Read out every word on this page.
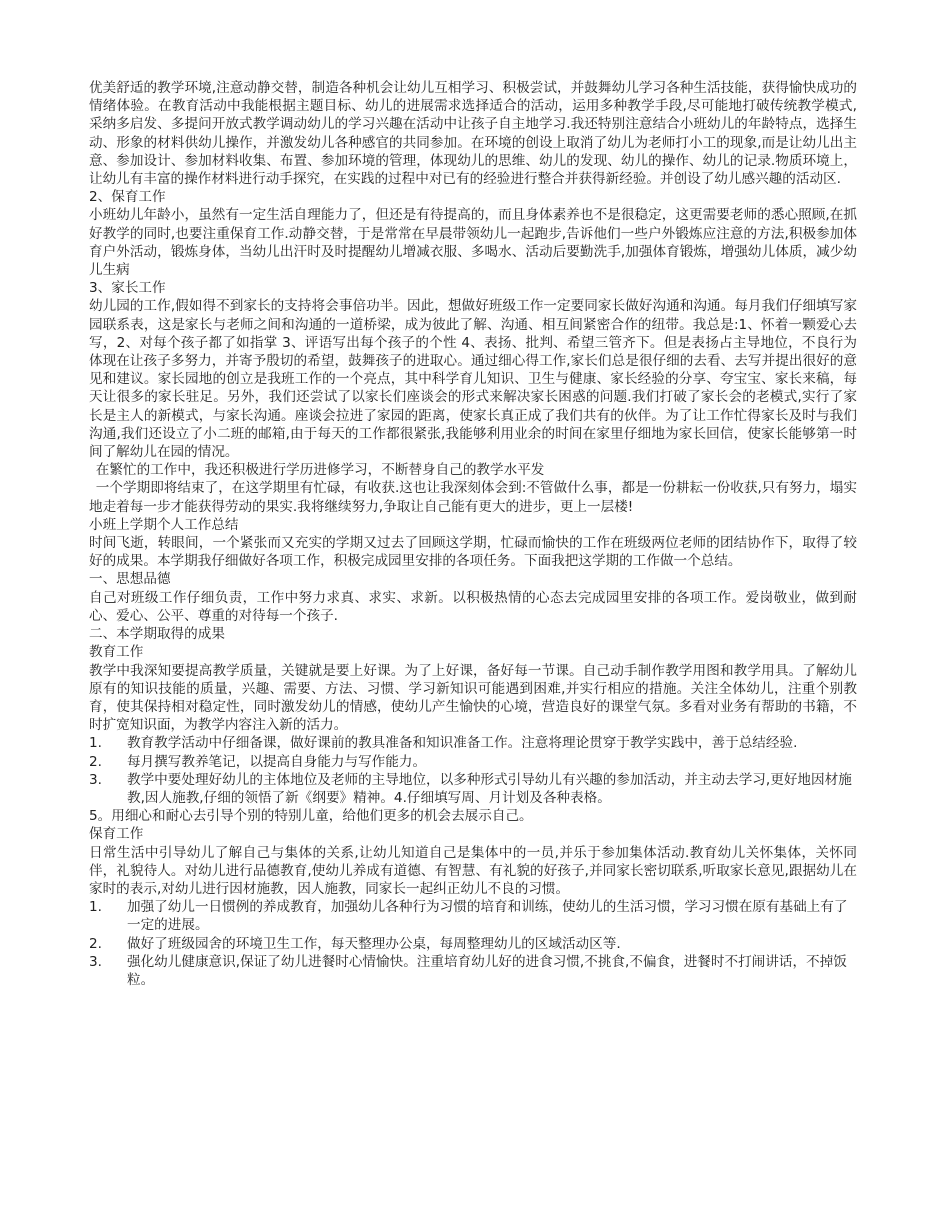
优美舒适的教学环境,注意动静交替，制造各种机会让幼儿互相学习、积极尝试，并鼓舞幼儿学习各种生活技能，获得愉快成功的情绪体验。在教育活动中我能根据主题目标、幼儿的进展需求选择适合的活动，运用多种教学手段,尽可能地打破传统教学模式,采纳多启发、多提问开放式教学调动幼儿的学习兴趣在活动中让孩子自主地学习.我还特别注意结合小班幼儿的年龄特点，选择生动、形象的材料供幼儿操作，并激发幼儿各种感官的共同参加。在环境的创设上取消了幼儿为老师打小工的现象,而是让幼儿出主意、参加设计、参加材料收集、布置、参加环境的管理，体现幼儿的思维、幼儿的发现、幼儿的操作、幼儿的记录.物质环境上，让幼儿有丰富的操作材料进行动手探究，在实践的过程中对已有的经验进行整合并获得新经验。并创设了幼儿感兴趣的活动区.

2、保育工作

小班幼儿年龄小，虽然有一定生活自理能力了，但还是有待提高的，而且身体素养也不是很稳定，这更需要老师的悉心照顾,在抓好教学的同时,也要注重保育工作.动静交替，于是常常在早晨带领幼儿一起跑步,告诉他们一些户外锻炼应注意的方法,积极参加体育户外活动，锻炼身体，当幼儿出汗时及时提醒幼儿增减衣服、多喝水、活动后要勤洗手,加强体育锻炼，增强幼儿体质，减少幼儿生病

3、家长工作

幼儿园的工作,假如得不到家长的支持将会事倍功半。因此，想做好班级工作一定要同家长做好沟通和沟通。每月我们仔细填写家园联系表，这是家长与老师之间和沟通的一道桥梁，成为彼此了解、沟通、相互间紧密合作的纽带。我总是:1、怀着一颗爱心去写，2、对每个孩子都了如指掌 3、评语写出每个孩子的个性 4、表扬、批判、希望三管齐下。但是表扬占主导地位，不良行为体现在让孩子多努力，并寄予殷切的希望，鼓舞孩子的进取心。通过细心得工作,家长们总是很仔细的去看、去写并提出很好的意见和建议。家长园地的创立是我班工作的一个亮点，其中科学育儿知识、卫生与健康、家长经验的分享、夸宝宝、家长来稿，每天让很多的家长驻足。另外，我们还尝试了以家长们座谈会的形式来解决家长困惑的问题.我们打破了家长会的老模式,实行了家长是主人的新模式，与家长沟通。座谈会拉进了家园的距离，使家长真正成了我们共有的伙伴。为了让工作忙得家长及时与我们沟通,我们还设立了小二班的邮箱,由于每天的工作都很紧张,我能够利用业余的时间在家里仔细地为家长回信，使家长能够第一时间了解幼儿在园的情况。

在繁忙的工作中，我还积极进行学历进修学习，不断替身自己的教学水平发

一个学期即将结束了，在这学期里有忙碌，有收获.这也让我深刻体会到:不管做什么事，都是一份耕耘一份收获,只有努力，塌实地走着每一步才能获得劳动的果实.我将继续努力,争取让自己能有更大的进步，更上一层楼!

小班上学期个人工作总结

时间飞逝，转眼间，一个紧张而又充实的学期又过去了回顾这学期，忙碌而愉快的工作在班级两位老师的团结协作下，取得了较好的成果。本学期我仔细做好各项工作，积极完成园里安排的各项任务。下面我把这学期的工作做一个总结。

一、思想品德

自己对班级工作仔细负责，工作中努力求真、求实、求新。以积极热情的心态去完成园里安排的各项工作。爱岗敬业，做到耐心、爱心、公平、尊重的对待每一个孩子.

二、本学期取得的成果

教育工作

教学中我深知要提高教学质量，关键就是要上好课。为了上好课，备好每一节课。自己动手制作教学用图和教学用具。了解幼儿原有的知识技能的质量，兴趣、需要、方法、习惯、学习新知识可能遇到困难,并实行相应的措施。关注全体幼儿，注重个别教育，使其保持相对稳定性，同时激发幼儿的情感，使幼儿产生愉快的心境，营造良好的课堂气氛。多看对业务有帮助的书籍，不时扩宽知识面，为教学内容注入新的活力。

1.	教育教学活动中仔细备课，做好课前的教具准备和知识准备工作。注意将理论贯穿于教学实践中，善于总结经验.
2.	每月撰写教养笔记，以提高自身能力与写作能力。
3.	教学中要处理好幼儿的主体地位及老师的主导地位，以多种形式引导幼儿有兴趣的参加活动，并主动去学习,更好地因材施教,因人施教,仔细的领悟了新《纲要》精神。4.仔细填写周、月计划及各种表格。

5。用细心和耐心去引导个别的特别儿童，给他们更多的机会去展示自己。

保育工作

日常生活中引导幼儿了解自己与集体的关系,让幼儿知道自己是集体中的一员,并乐于参加集体活动.教育幼儿关怀集体，关怀同伴，礼貌待人。对幼儿进行品德教育,使幼儿养成有道德、有智慧、有礼貌的好孩子,并同家长密切联系,听取家长意见,跟据幼儿在家时的表示,对幼儿进行因材施教，因人施教，同家长一起纠正幼儿不良的习惯。

1.	加强了幼儿一日惯例的养成教育，加强幼儿各种行为习惯的培育和训练，使幼儿的生活习惯，学习习惯在原有基础上有了一定的进展。
2.	做好了班级园舍的环境卫生工作，每天整理办公桌，每周整理幼儿的区域活动区等.
3.	强化幼儿健康意识,保证了幼儿进餐时心情愉快。注重培育幼儿好的进食习惯,不挑食,不偏食，进餐时不打闹讲话，不掉饭粒。
